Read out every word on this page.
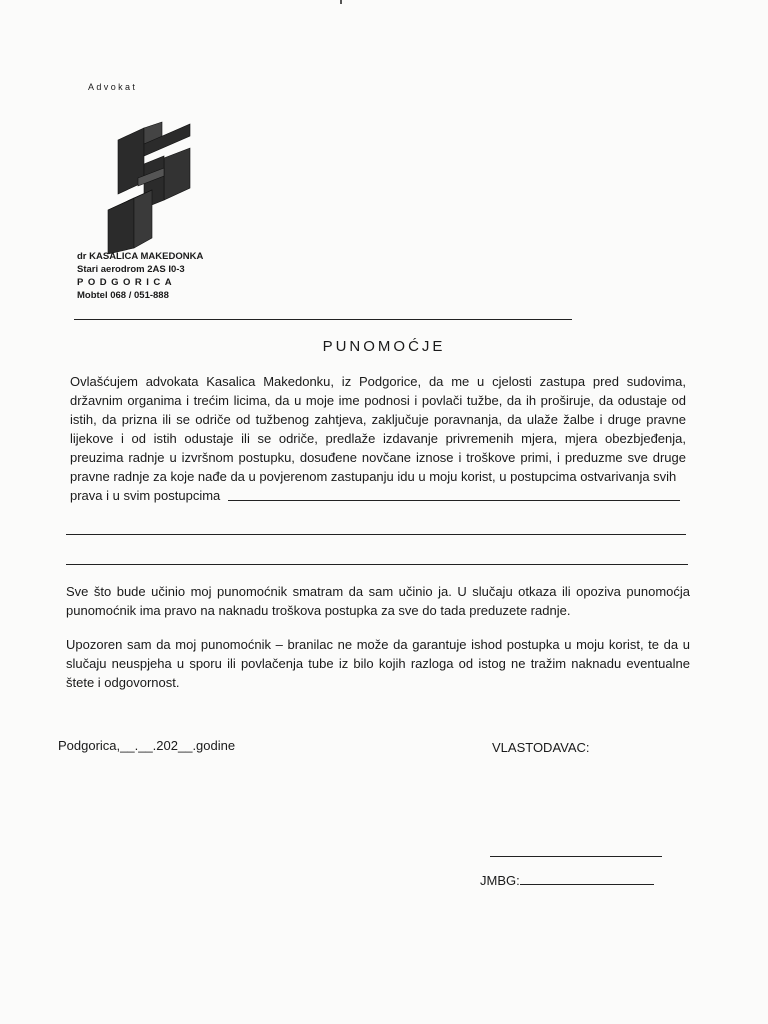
Advokat
dr KASALICA MAKEDONKA
Stari aerodrom 2AS I0-3
PODGORICA
Mobtel 068 / 051-888
PUNOMOĆJE
Ovlašćujem advokata Kasalica Makedonku, iz Podgorice, da me u cjelosti zastupa pred sudovima, državnim organima i trećim licima, da u moje ime podnosi i povlači tužbe, da ih proširuje, da odustaje od istih, da prizna ili se odriče od tužbenog zahtjeva, zaključuje poravnanja, da ulaže žalbe i druge pravne lijekove i od istih odustaje ili se odriče, predlaže izdavanje privremenih mjera, mjera obezbjeđenja, preuzima radnje u izvršnom postupku, dosuđene novčane iznose i troškove primi, i preduzme sve druge pravne radnje za koje nađe da u povjerenom zastupanju idu u moju korist, u postupcima ostvarivanja svih
prava i u svim postupcima
Sve što bude učinio moj punomoćnik smatram da sam učinio ja. U slučaju otkaza ili opoziva punomoćja punomoćnik ima pravo na naknadu troškova postupka za sve do tada preduzete radnje.
Upozoren sam da moj punomoćnik – branilac ne može da garantuje ishod postupka u moju korist, te da u slučaju neuspjeha u sporu ili povlačenja tube iz bilo kojih razloga od istog ne tražim naknadu eventualne štete i odgovornost.
Podgorica,__.__.202__.godine	VLASTODAVAC:
JMBG:
